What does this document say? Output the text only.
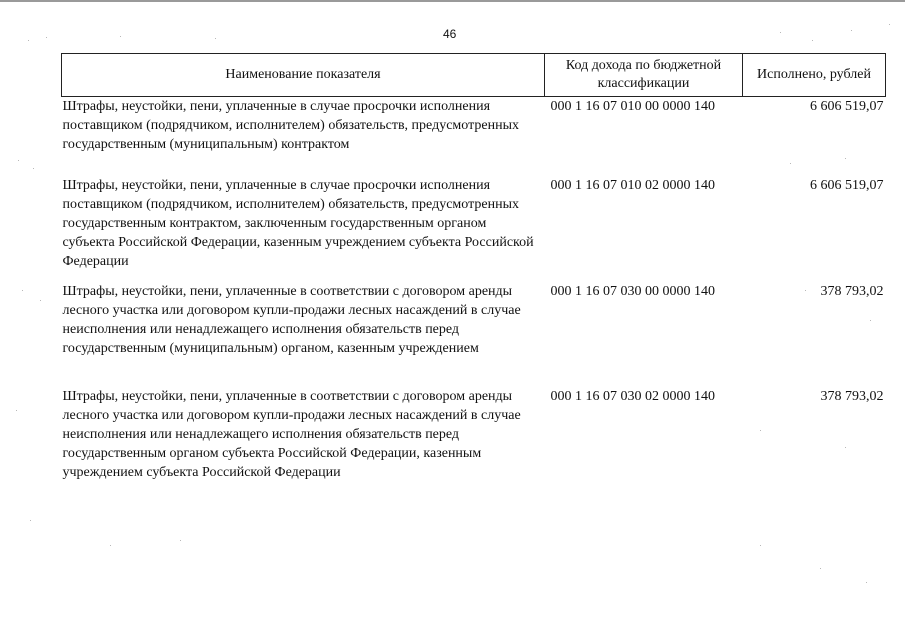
46
Наименование показателя	Код дохода по бюджетной классификации	Исполнено, рублей
Штрафы, неустойки, пени, уплаченные в случае просрочки исполнения поставщиком (подрядчиком, исполнителем) обязательств, предусмотренных государственным (муниципальным) контрактом	000 1 16 07 010 00 0000 140	6 606 519,07
Штрафы, неустойки, пени, уплаченные в случае просрочки исполнения поставщиком (подрядчиком, исполнителем) обязательств, предусмотренных государственным контрактом, заключенным государственным органом субъекта Российской Федерации, казенным учреждением субъекта Российской Федерации	000 1 16 07 010 02 0000 140	6 606 519,07
Штрафы, неустойки, пени, уплаченные в соответствии с договором аренды лесного участка или договором купли-продажи лесных насаждений в случае неисполнения или ненадлежащего исполнения обязательств перед государственным (муниципальным) органом, казенным учреждением	000 1 16 07 030 00 0000 140	378 793,02
Штрафы, неустойки, пени, уплаченные в соответствии с договором аренды лесного участка или договором купли-продажи лесных насаждений в случае неисполнения или ненадлежащего исполнения обязательств перед государственным органом субъекта Российской Федерации, казенным учреждением субъекта Российской Федерации	000 1 16 07 030 02 0000 140	378 793,02
